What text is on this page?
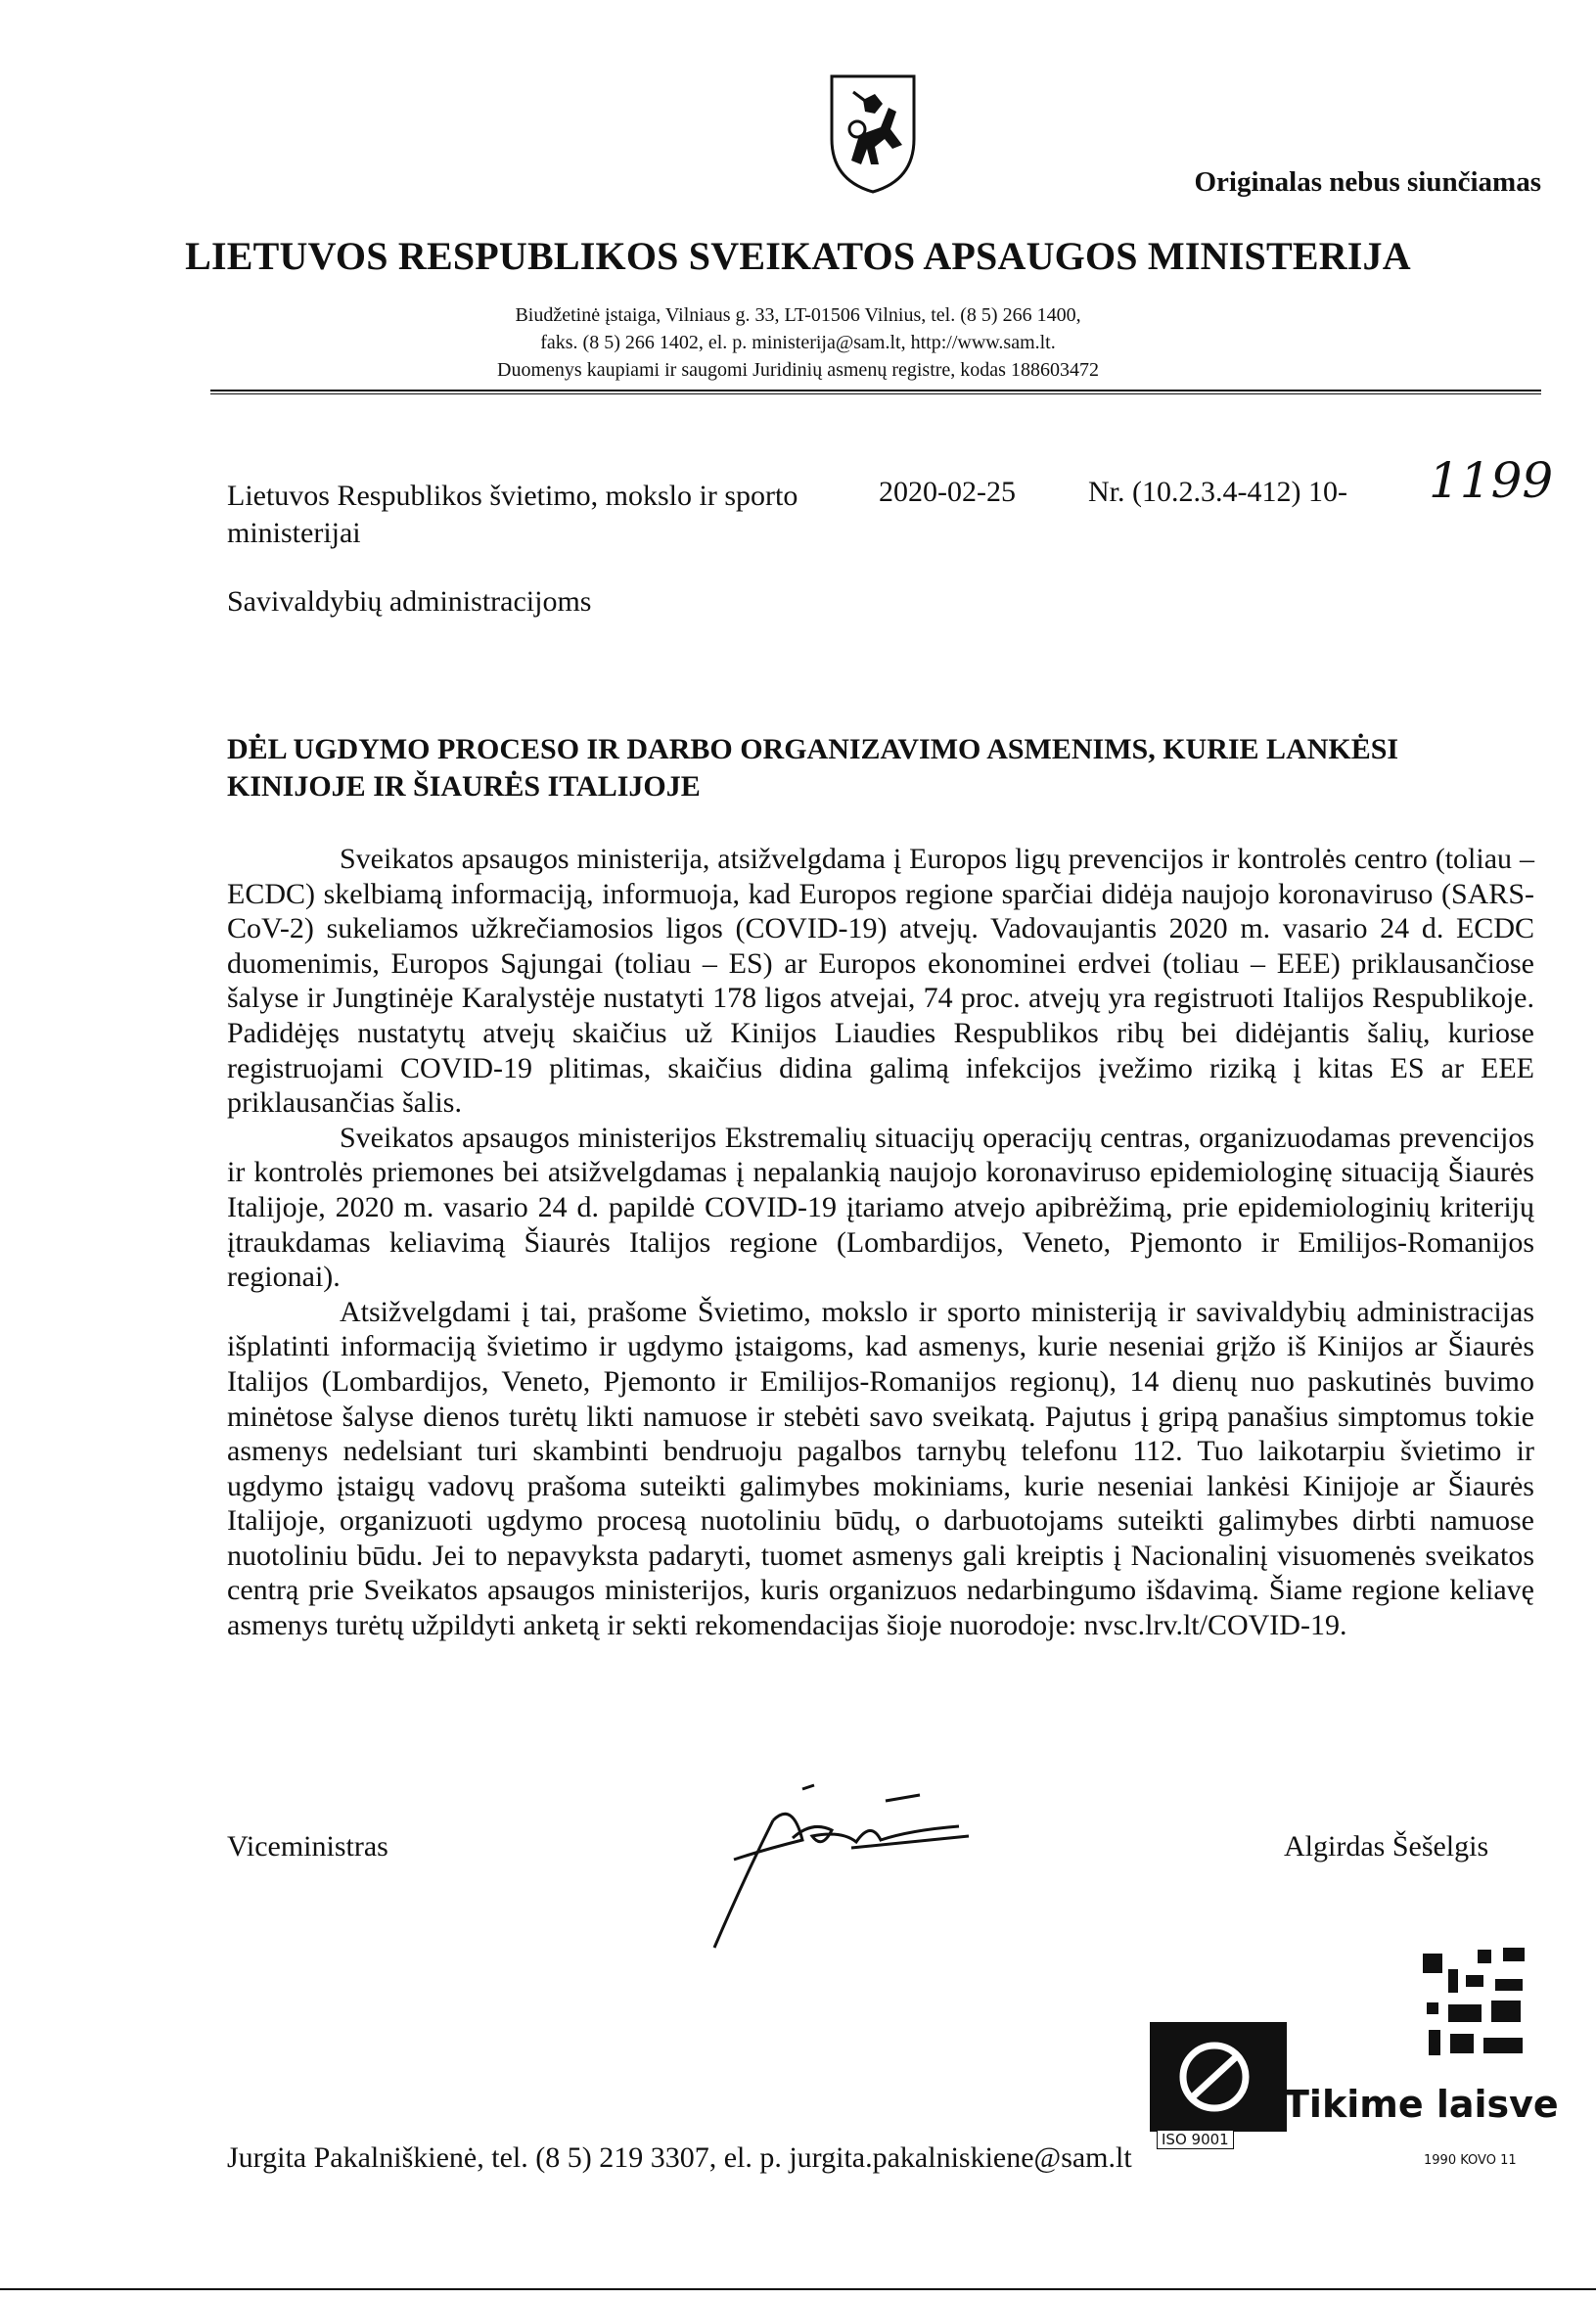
Originalas nebus siunčiamas
LIETUVOS RESPUBLIKOS SVEIKATOS APSAUGOS MINISTERIJA
Biudžetinė įstaiga, Vilniaus g. 33, LT-01506 Vilnius, tel. (8 5) 266 1400,
faks. (8 5) 266 1402, el. p. ministerija@sam.lt, http://www.sam.lt.
Duomenys kaupiami ir saugomi Juridinių asmenų registre, kodas 188603472
Lietuvos Respublikos švietimo, mokslo ir sporto
ministerijai
2020-02-25 Nr. (10.2.3.4-412) 10- 1199
Savivaldybių administracijoms
DĖL UGDYMO PROCESO IR DARBO ORGANIZAVIMO ASMENIMS, KURIE LANKĖSI KINIJOJE IR ŠIAURĖS ITALIJOJE

Sveikatos apsaugos ministerija, atsižvelgdama į Europos ligų prevencijos ir kontrolės centro (toliau – ECDC) skelbiamą informaciją, informuoja, kad Europos regione sparčiai didėja naujojo koronaviruso (SARS-CoV-2) sukeliamos užkrečiamosios ligos (COVID-19) atvejų. Vadovaujantis 2020 m. vasario 24 d. ECDC duomenimis, Europos Sąjungai (toliau – ES) ar Europos ekonominei erdvei (toliau – EEE) priklausančiose šalyse ir Jungtinėje Karalystėje nustatyti 178 ligos atvejai, 74 proc. atvejų yra registruoti Italijos Respublikoje. Padidėjęs nustatytų atvejų skaičius už Kinijos Liaudies Respublikos ribų bei didėjantis šalių, kuriose registruojami COVID-19 plitimas, skaičius didina galimą infekcijos įvežimo riziką į kitas ES ar EEE priklausančias šalis.

Sveikatos apsaugos ministerijos Ekstremalių situacijų operacijų centras, organizuodamas prevencijos ir kontrolės priemones bei atsižvelgdamas į nepalankią naujojo koronaviruso epidemiologinę situaciją Šiaurės Italijoje, 2020 m. vasario 24 d. papildė COVID-19 įtariamo atvejo apibrėžimą, prie epidemiologinių kriterijų įtraukdamas keliavimą Šiaurės Italijos regione (Lombardijos, Veneto, Pjemonto ir Emilijos-Romanijos regionai).

Atsižvelgdami į tai, prašome Švietimo, mokslo ir sporto ministeriją ir savivaldybių administracijas išplatinti informaciją švietimo ir ugdymo įstaigoms, kad asmenys, kurie neseniai grįžo iš Kinijos ar Šiaurės Italijos (Lombardijos, Veneto, Pjemonto ir Emilijos-Romanijos regionų), 14 dienų nuo paskutinės buvimo minėtose šalyse dienos turėtų likti namuose ir stebėti savo sveikatą. Pajutus į gripą panašius simptomus tokie asmenys nedelsiant turi skambinti bendruoju pagalbos tarnybų telefonu 112. Tuo laikotarpiu švietimo ir ugdymo įstaigų vadovų prašoma suteikti galimybes mokiniams, kurie neseniai lankėsi Kinijoje ar Šiaurės Italijoje, organizuoti ugdymo procesą nuotoliniu būdų, o darbuotojams suteikti galimybes dirbti namuose nuotoliniu būdu. Jei to nepavyksta padaryti, tuomet asmenys gali kreiptis į Nacionalinį visuomenės sveikatos centrą prie Sveikatos apsaugos ministerijos, kuris organizuos nedarbingumo išdavimą. Šiame regione keliavę asmenys turėtų užpildyti anketą ir sekti rekomendacijas šioje nuorodoje: nvsc.lrv.lt/COVID-19.

Viceministras	Algirdas Šešelgis
Tikime laisve
ISO 9001
1990 KOVO 11
Jurgita Pakalniškienė, tel. (8 5) 219 3307, el. p. jurgita.pakalniskiene@sam.lt
